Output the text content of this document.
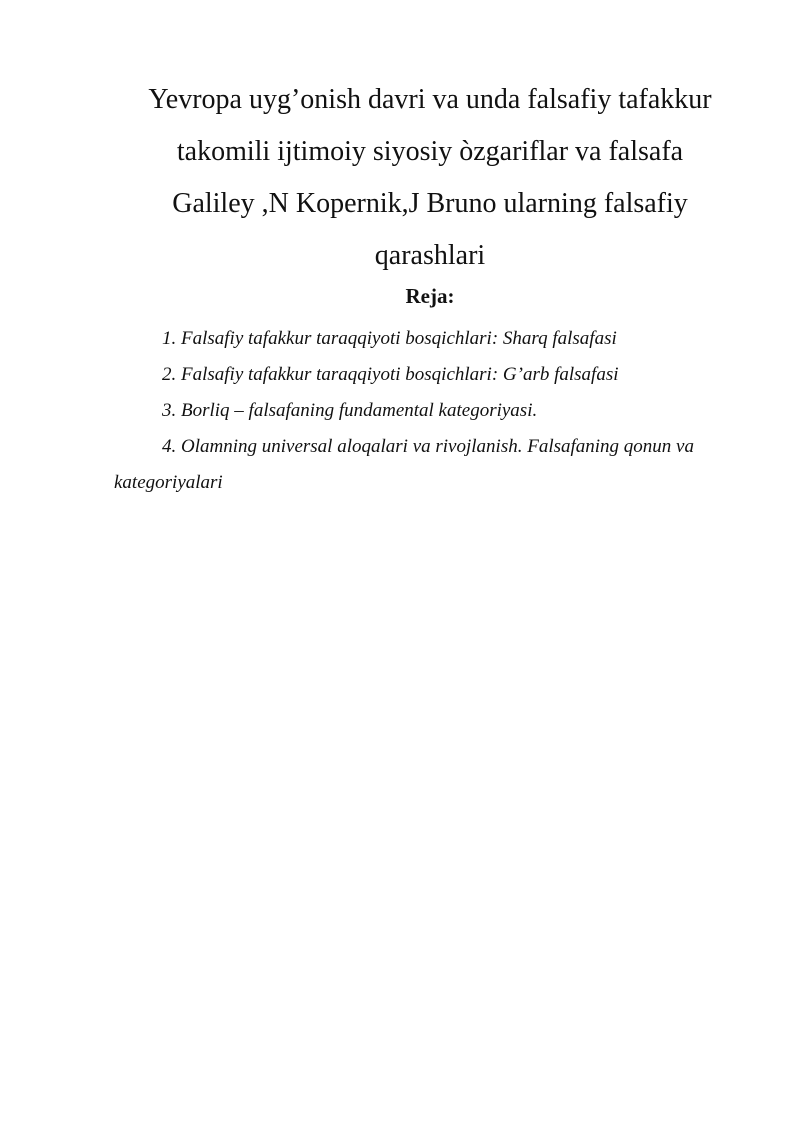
Yevropa uyg’onish davri va unda falsafiy tafakkur
takomili ijtimoiy siyosiy òzgariflar va falsafa
Galiley ,N Kopernik,J Bruno ularning falsafiy
qarashlari
Reja:
1. Falsafiy tafakkur taraqqiyoti bosqichlari: Sharq falsafasi
2. Falsafiy tafakkur taraqqiyoti bosqichlari: G’arb falsafasi
3. Borliq – falsafaning fundamental kategoriyasi.
4. Olamning universal aloqalari va rivojlanish. Falsafaning qonun va kategoriyalari
